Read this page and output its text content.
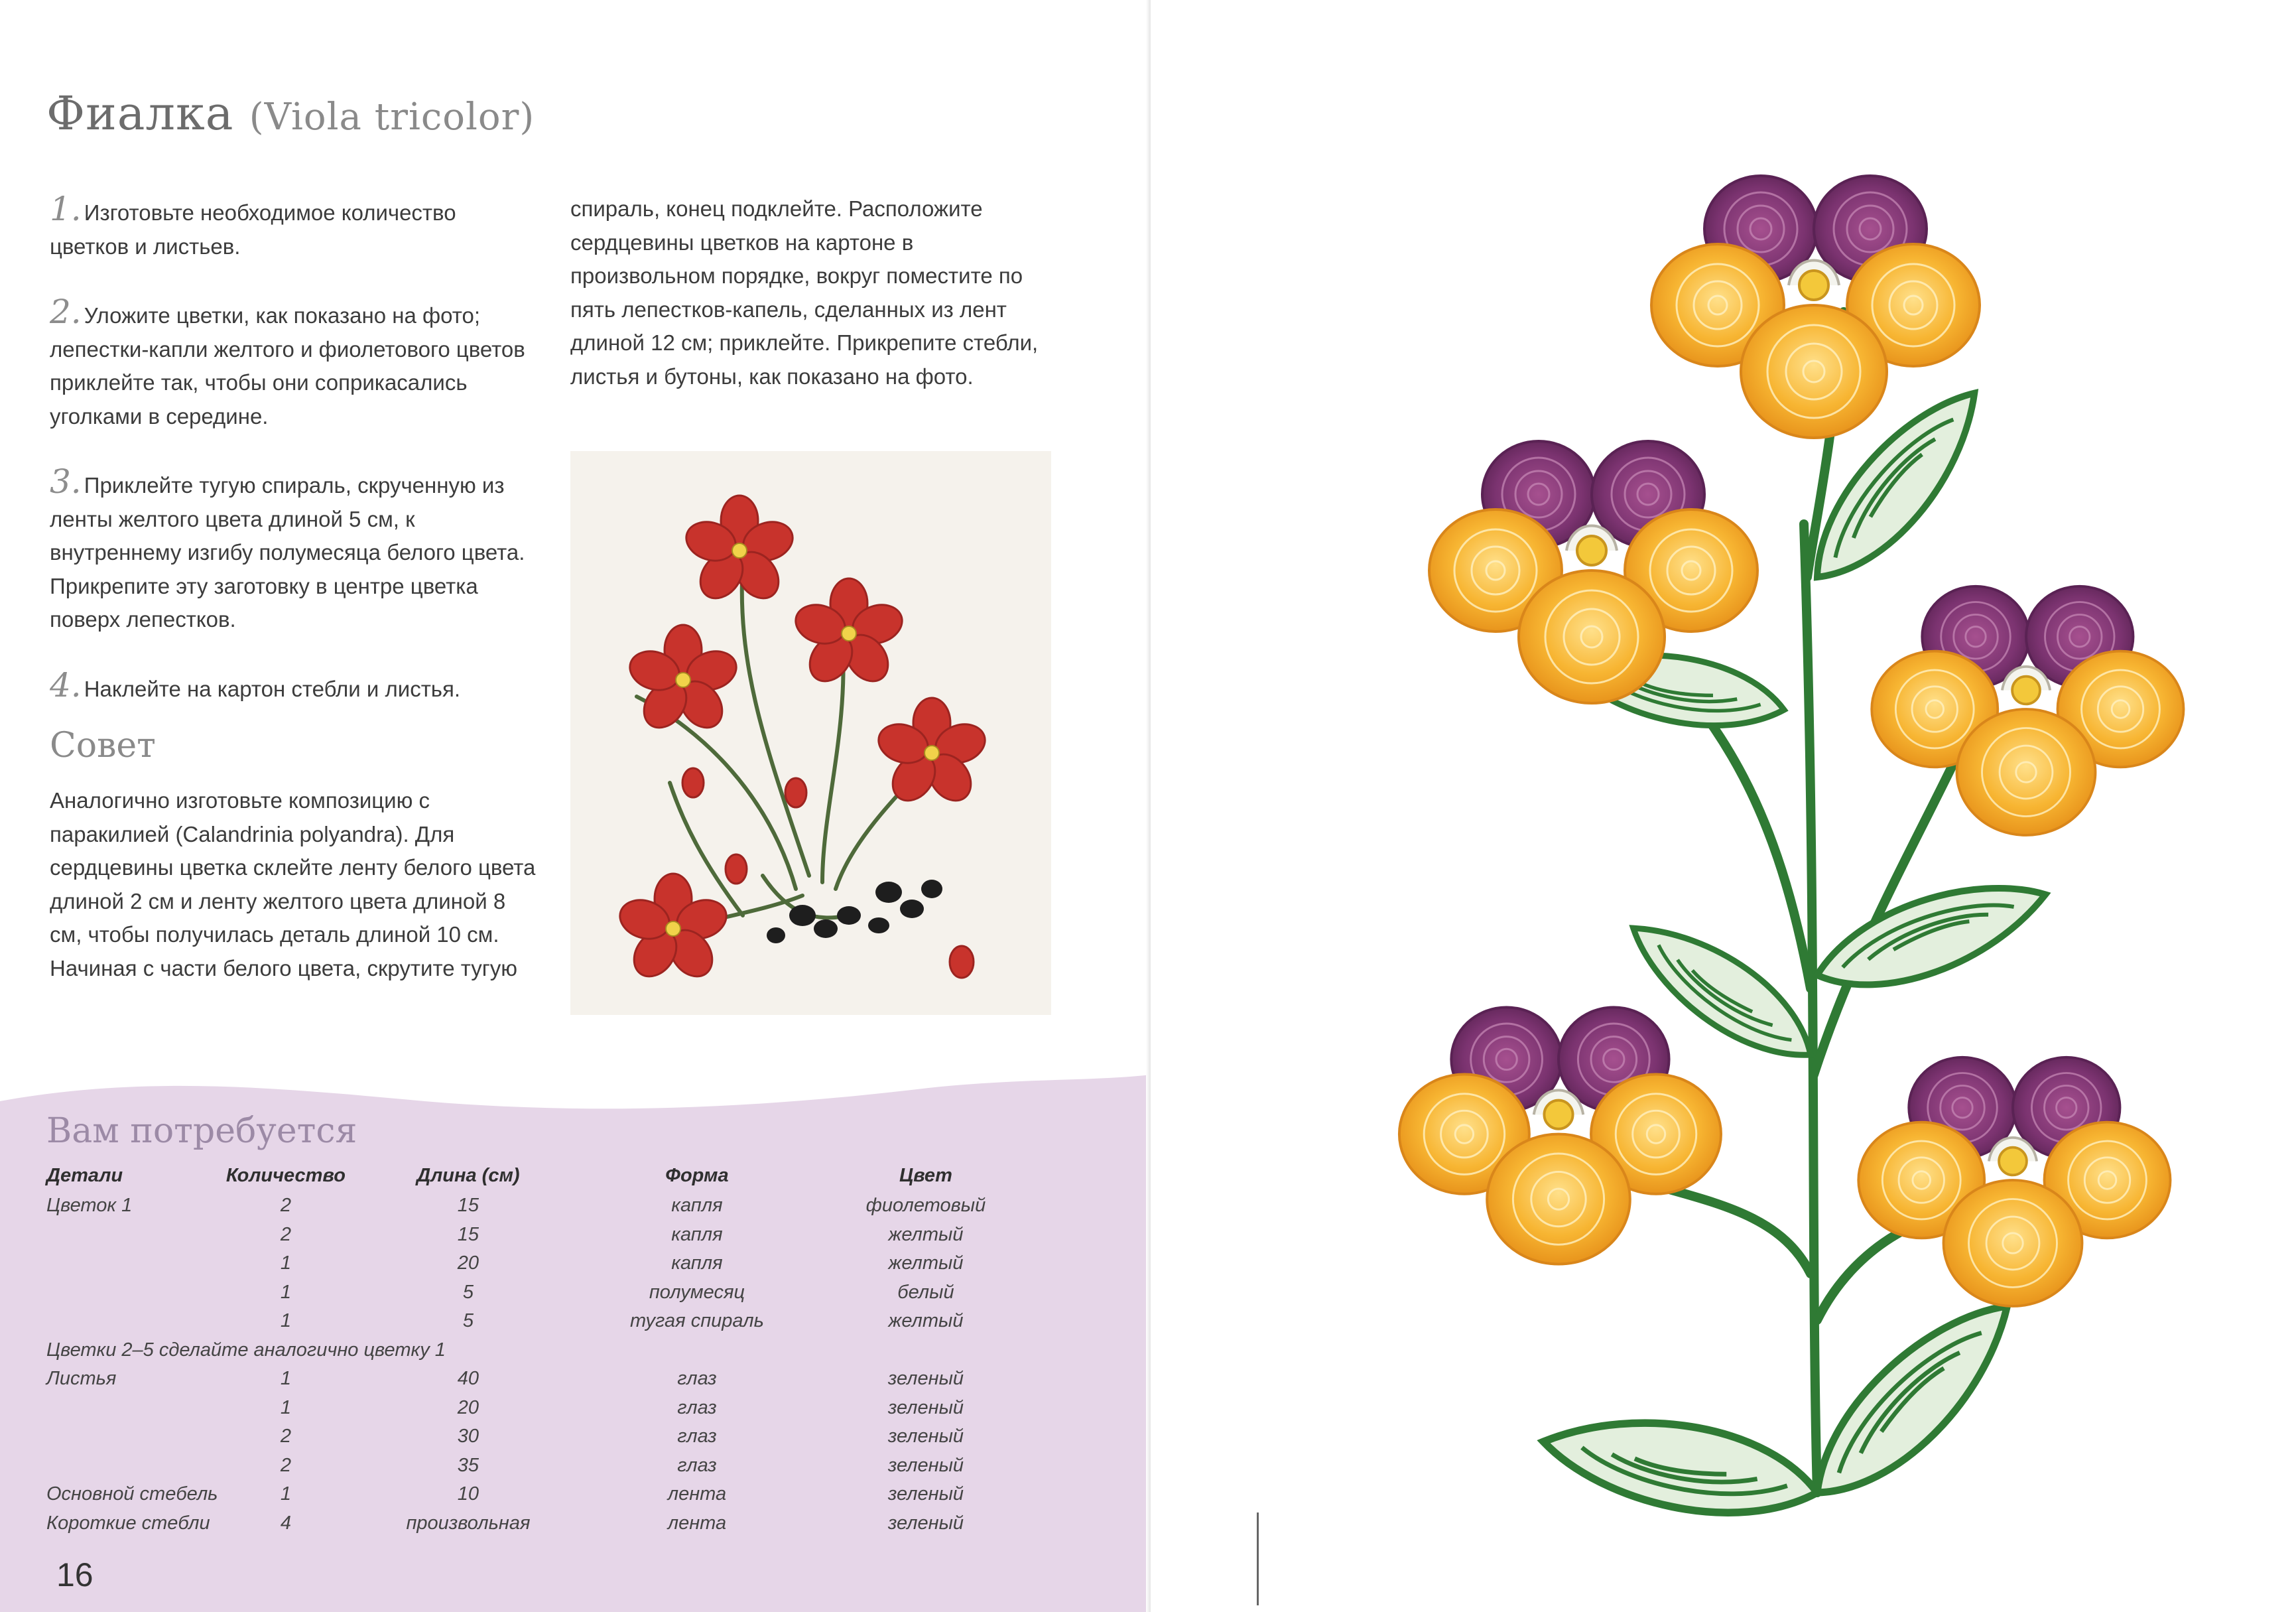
Фиалка (Viola tricolor)

1. Изготовьте необходимое количество цветков и листьев.

2. Уложите цветки, как показано на фото; лепестки-капли желтого и фиолетового цветов приклейте так, чтобы они соприкасались уголками в середине.

3. Приклейте тугую спираль, скрученную из ленты желтого цвета длиной 5 см, к внутреннему изгибу полумесяца белого цвета. Прикрепите эту заготовку в центре цветка поверх лепестков.

4. Наклейте на картон стебли и листья.

Совет

Аналогично изготовьте композицию с паракилией (Calandrinia polyandra). Для сердцевины цветка склейте ленту белого цвета длиной 2 см и ленту желтого цвета длиной 8 см, чтобы получилась деталь длиной 10 см. Начиная с части белого цвета, скрутите тугую

спираль, конец подклейте. Расположите сердцевины цветков на картоне в произвольном порядке, вокруг поместите по пять лепестков-капель, сделанных из лент длиной 12 см; приклейте. Прикрепите стебли, листья и бутоны, как показано на фото.

Вам потребуется
Детали	Количество	Длина (см)	Форма	Цвет
Цветок 1	2	15	капля	фиолетовый
	2	15	капля	желтый
	1	20	капля	желтый
	1	5	полумесяц	белый
	1	5	тугая спираль	желтый
Цветки 2–5 сделайте аналогично цветку 1				
Листья	1	40	глаз	зеленый
	1	20	глаз	зеленый
	2	30	глаз	зеленый
	2	35	глаз	зеленый
Основной стебель	1	10	лента	зеленый
Короткие стебли	4	произвольная	лента	зеленый

16
